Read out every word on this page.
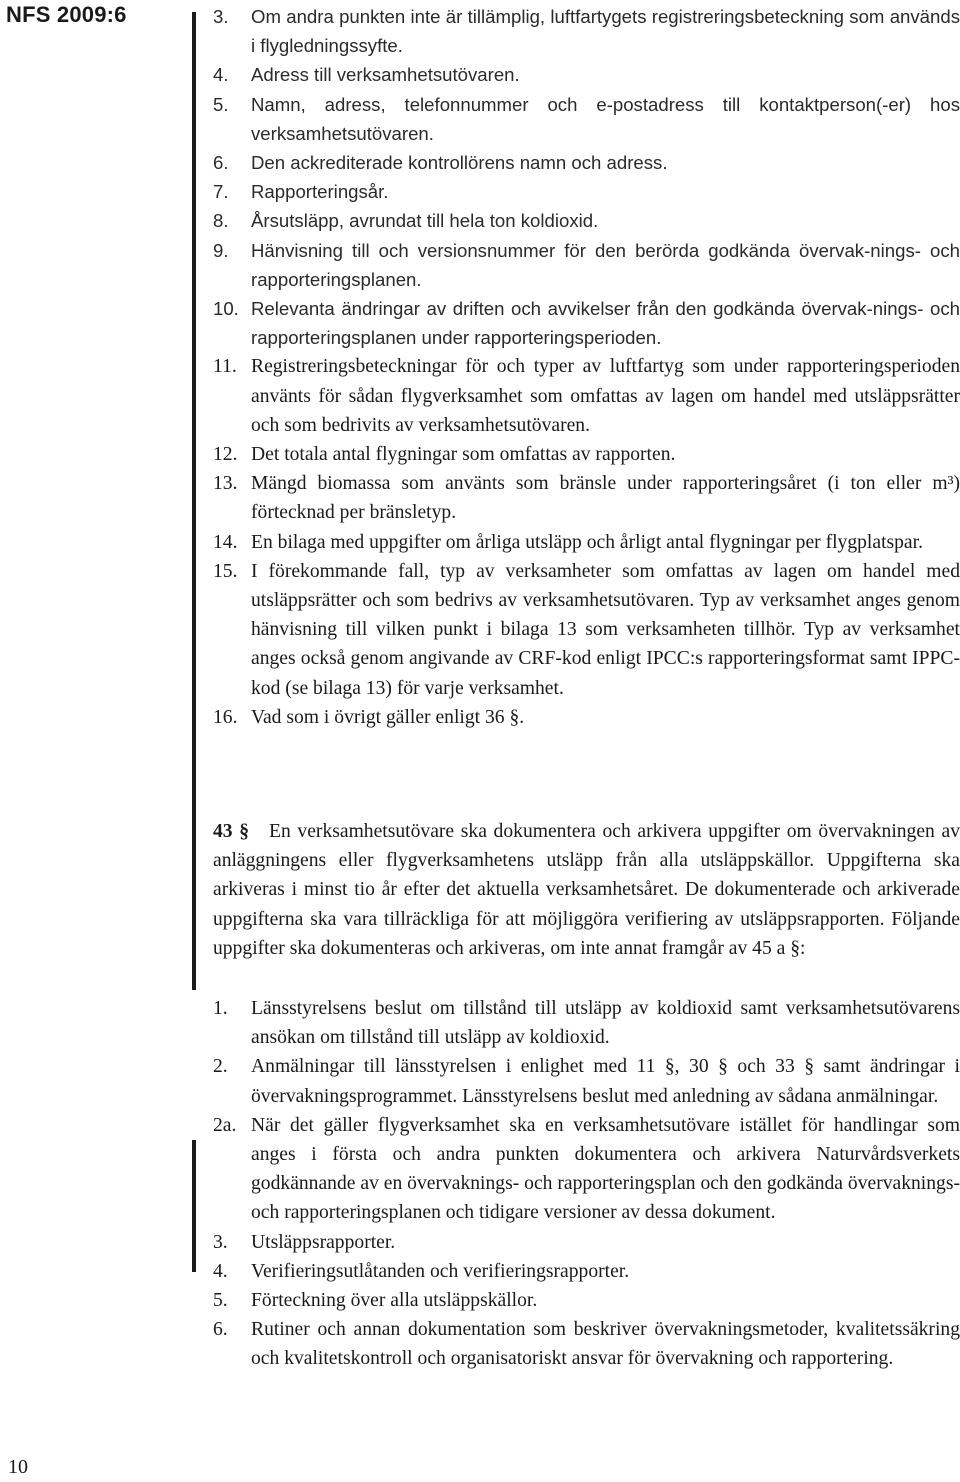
NFS 2009:6	3. Om andra punkten inte är tillämplig, luftfartygets registreringsbeteckning som används i flygledningssyfte.
4. Adress till verksamhetsutövaren.
5. Namn, adress, telefonnummer och e-postadress till kontaktperson(-er) hos verksamhetsutövaren.
6. Den ackrediterade kontrollörens namn och adress.
7. Rapporteringsår.
8. Årsutsläpp, avrundat till hela ton koldioxid.
9. Hänvisning till och versionsnummer för den berörda godkända övervak-nings- och rapporteringsplanen.
10. Relevanta ändringar av driften och avvikelser från den godkända övervak-nings- och rapporteringsplanen under rapporteringsperioden.
11. Registreringsbeteckningar för och typer av luftfartyg som under rapporteringsperioden använts för sådan flygverksamhet som omfattas av lagen om handel med utsläppsrätter och som bedrivits av verksamhetsutövaren.
12. Det totala antal flygningar som omfattas av rapporten.
13. Mängd biomassa som använts som bränsle under rapporteringsåret (i ton eller m³) förtecknad per bränsletyp.
14. En bilaga med uppgifter om årliga utsläpp och årligt antal flygningar per flygplatspar.
15. I förekommande fall, typ av verksamheter som omfattas av lagen om handel med utsläppsrätter och som bedrivs av verksamhetsutövaren. Typ av verksamhet anges genom hänvisning till vilken punkt i bilaga 13 som verksamheten tillhör. Typ av verksamhet anges också genom angivande av CRF-kod enligt IPCC:s rapporteringsformat samt IPPC-kod (se bilaga 13) för varje verksamhet.
16. Vad som i övrigt gäller enligt 36 §.
43 § En verksamhetsutövare ska dokumentera och arkivera uppgifter om övervakningen av anläggningens eller flygverksamhetens utsläpp från alla utsläppskällor. Uppgifterna ska arkiveras i minst tio år efter det aktuella verksamhetsåret. De dokumenterade och arkiverade uppgifterna ska vara tillräckliga för att möjliggöra verifiering av utsläppsrapporten. Följande uppgifter ska dokumenteras och arkiveras, om inte annat framgår av 45 a §:
1. Länsstyrelsens beslut om tillstånd till utsläpp av koldioxid samt verksamhetsutövarens ansökan om tillstånd till utsläpp av koldioxid.
2. Anmälningar till länsstyrelsen i enlighet med 11 §, 30 § och 33 § samt ändringar i övervakningsprogrammet. Länsstyrelsens beslut med anledning av sådana anmälningar.
2a. När det gäller flygverksamhet ska en verksamhetsutövare istället för handlingar som anges i första och andra punkten dokumentera och arkivera Naturvårdsverkets godkännande av en övervaknings- och rapporteringsplan och den godkända övervaknings- och rapporteringsplanen och tidigare versioner av dessa dokument.
3. Utsläppsrapporter.
4. Verifieringsutlåtanden och verifieringsrapporter.
5. Förteckning över alla utsläppskällor.
6. Rutiner och annan dokumentation som beskriver övervakningsmetoder, kvalitetssäkring och kvalitetskontroll och organisatoriskt ansvar för övervakning och rapportering.
10
